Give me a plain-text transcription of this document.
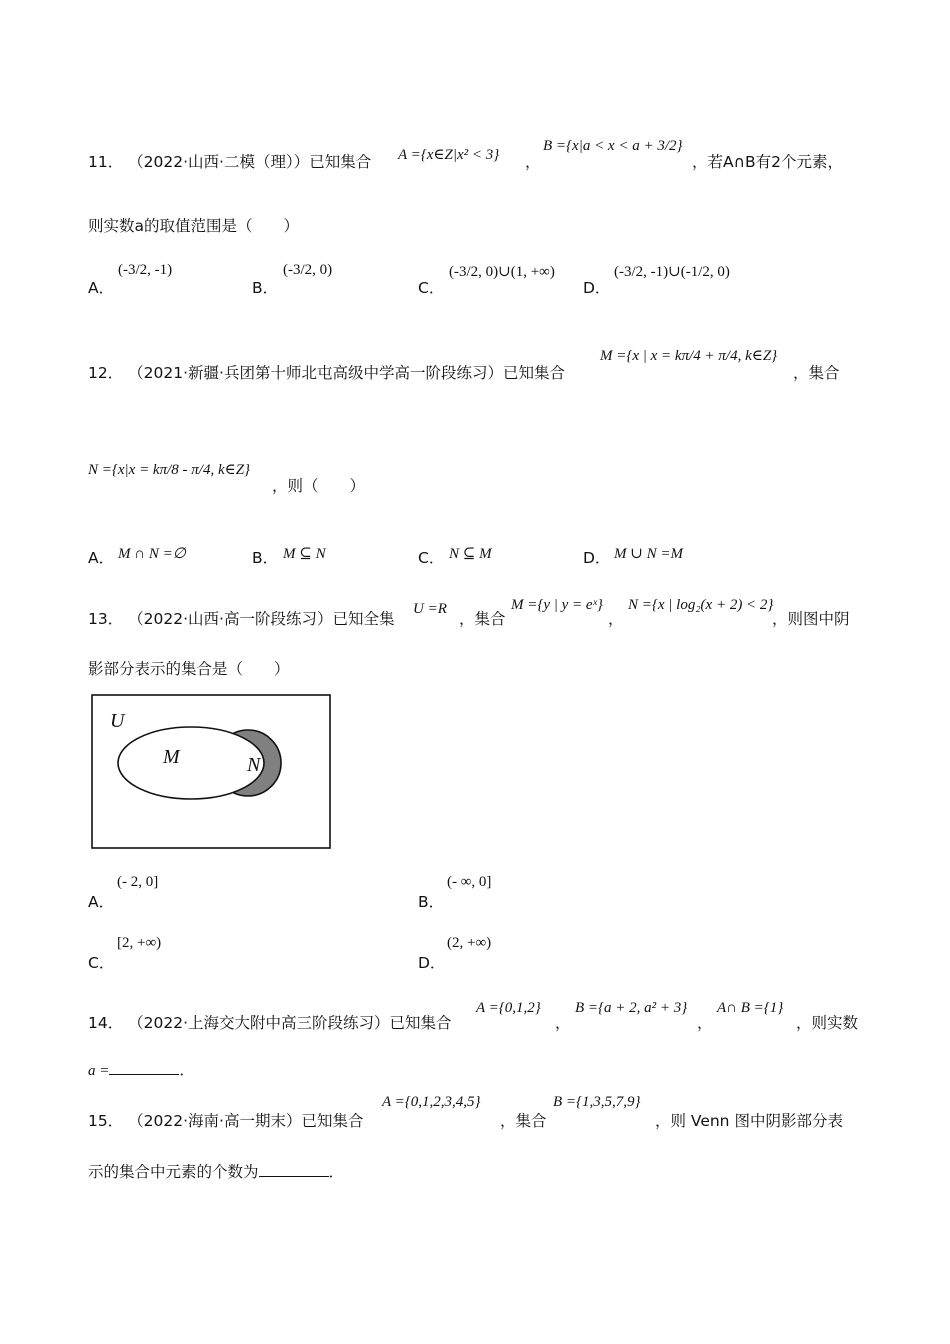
11． （2022·山西·二模（理））已知集合 A ={x∈Z|x² < 3} ，
B ={x|a < x < a + 3/2}
，若A∩B有2个元素，
则实数a的取值范围是（　　）
A．
(-3/2, -1)
B．
(-3/2, 0)
C．
(-3/2, 0)∪(1, +∞)
D．
(-3/2, -1)∪(-1/2, 0)
12． （2021·新疆·兵团第十师北屯高级中学高一阶段练习）已知集合
M ={x | x = kπ/4 + π/4, k∈Z}
，集合
N ={x|x = kπ/8 - π/4, k∈Z}
，则（　　）
A． M ∩ N =∅	B． M ⊆ N	C． N ⊆ M	D． M ∪ N =M
13． （2022·山西·高一阶段练习）已知全集
U =R
，集合
M ={y | y = eˣ}
，
N ={x | log₂(x + 2) < 2}
，则图中阴
影部分表示的集合是（　　）
U
M	N
A．
(- 2, 0]
B．
(- ∞, 0]
C．
[2, +∞)
D．
(2, +∞)
14． （2022·上海交大附中高三阶段练习）已知集合
A ={0,1,2}
，
B ={a + 2, a² + 3}
，
A∩ B ={1}
，则实数
a =	．
15． （2022·海南·高一期末）已知集合
A ={0,1,2,3,4,5}
，集合
B ={1,3,5,7,9}
，则 Venn 图中阴影部分表
示的集合中元素的个数为	．
